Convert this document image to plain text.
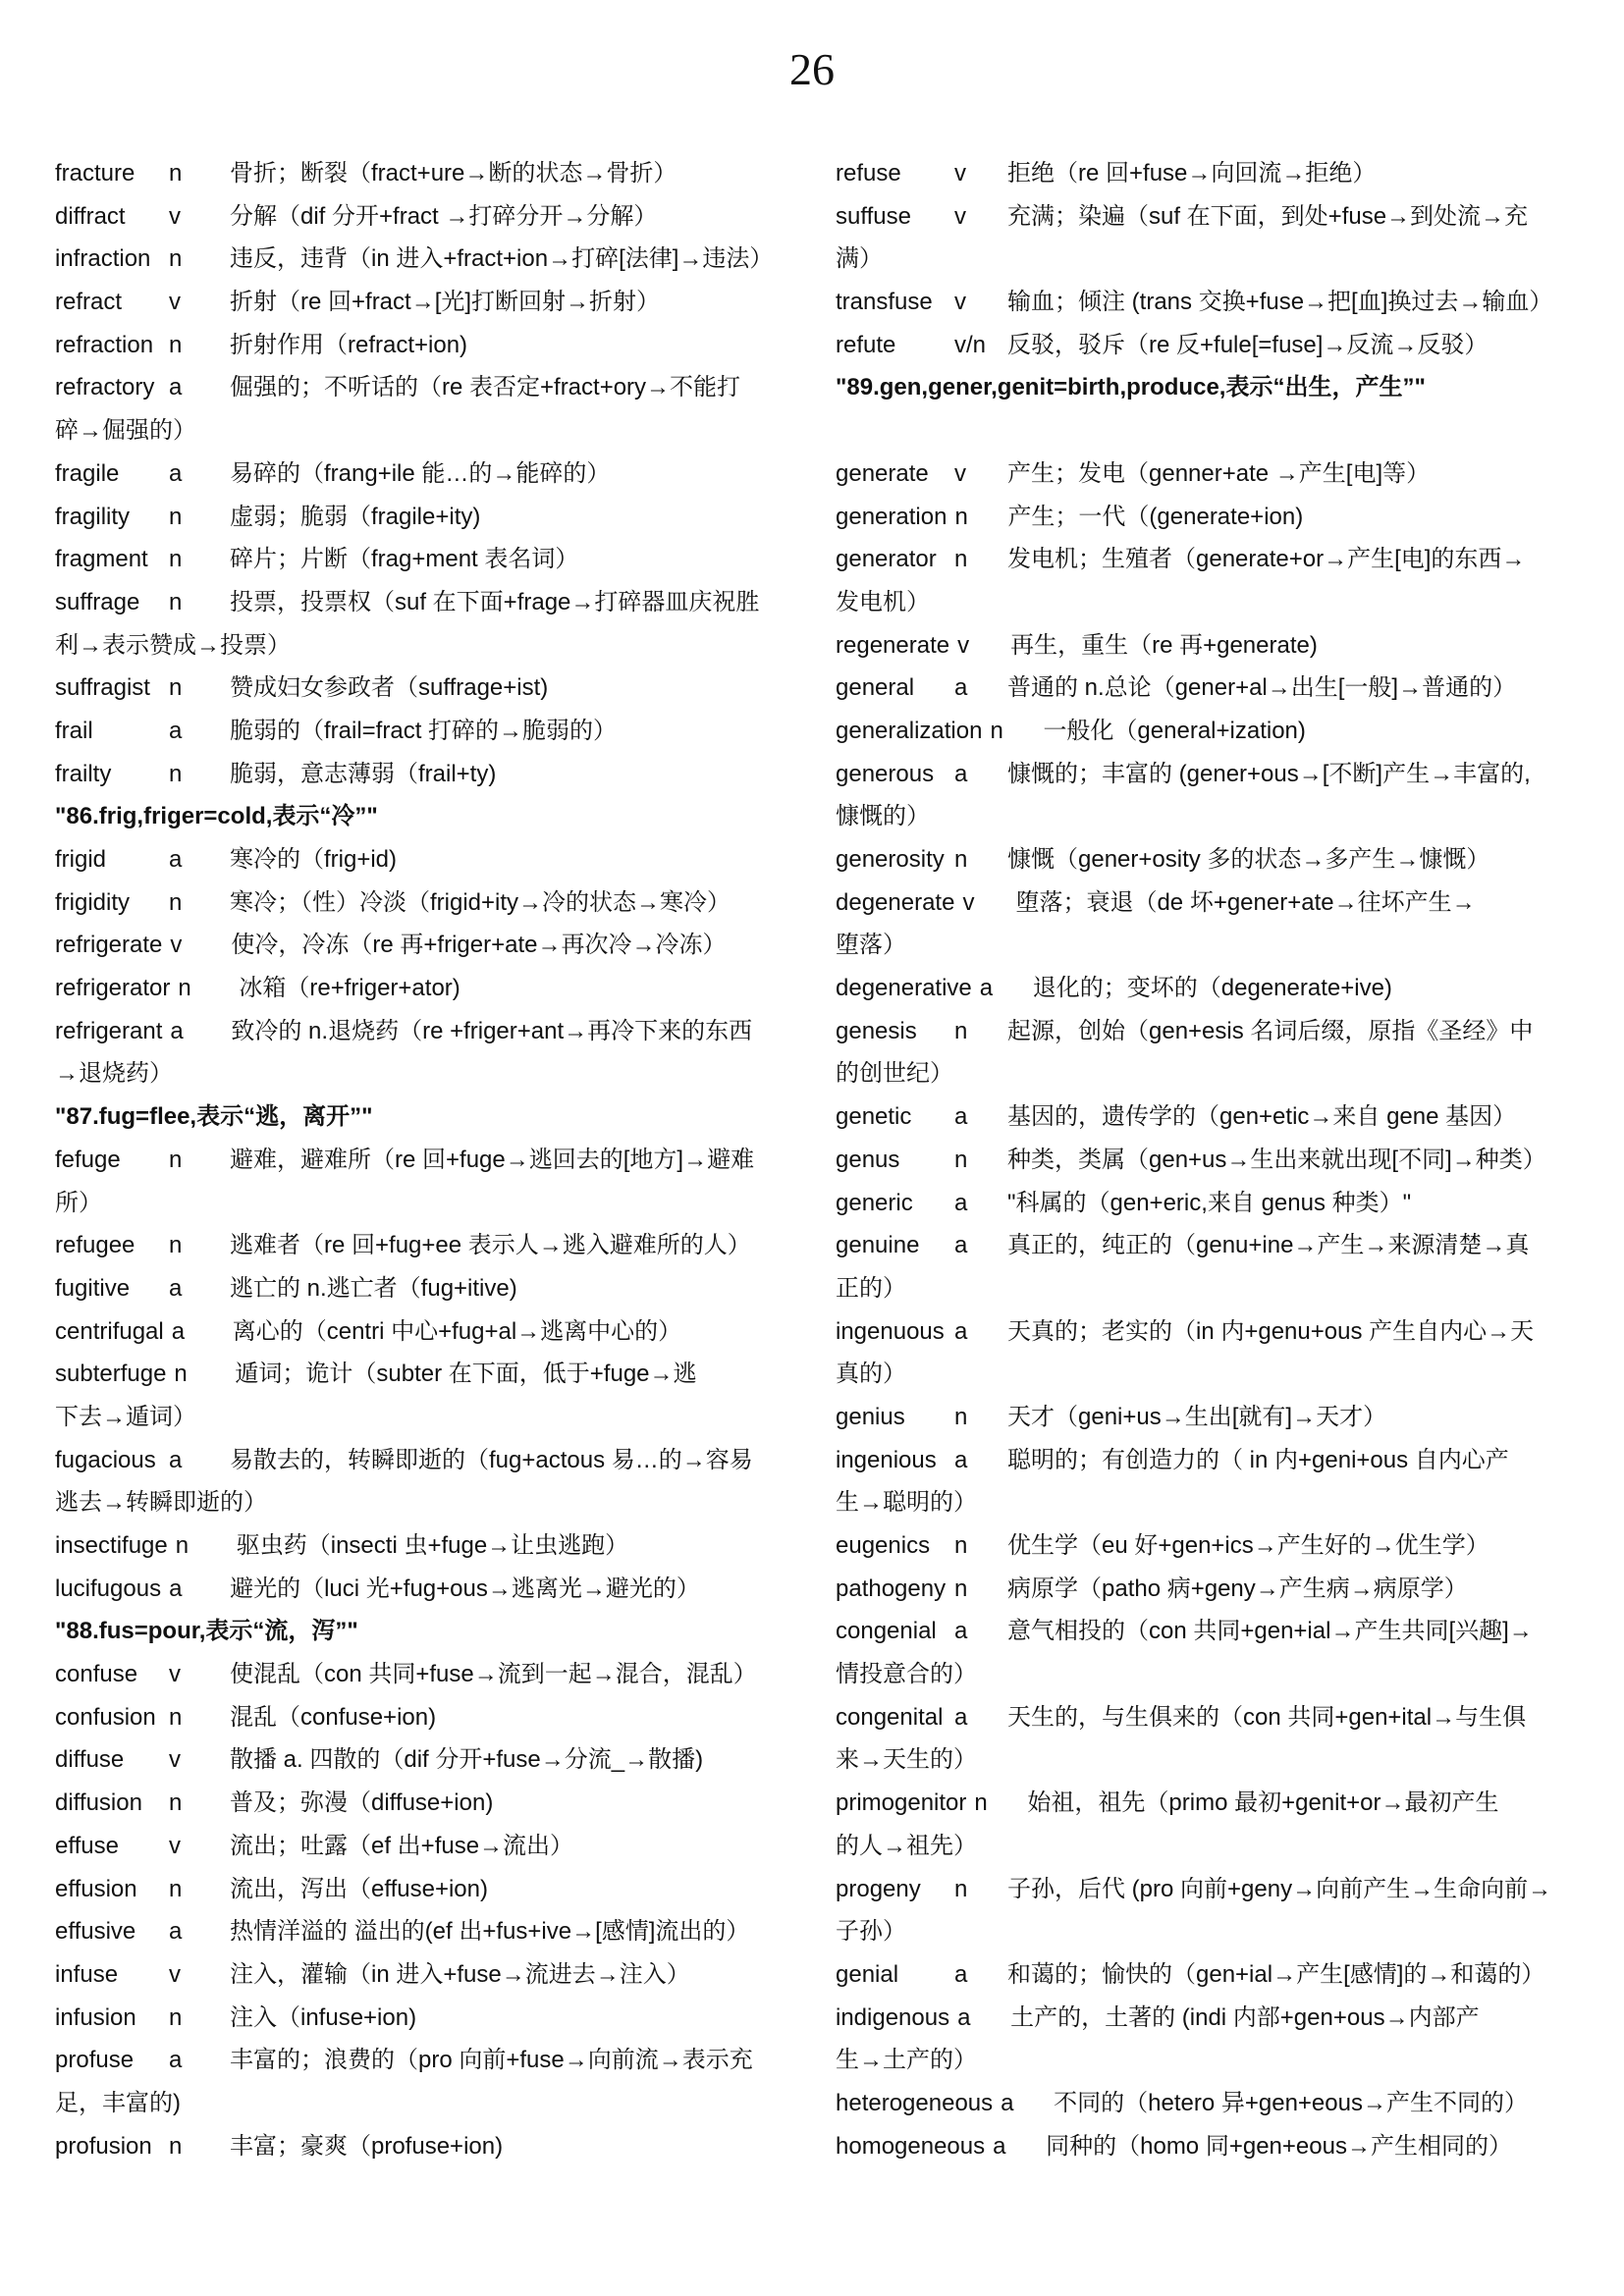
26
fracture n 骨折；断裂（fract+ure→断的状态→骨折）
diffract v 分解（dif 分开+fract →打碎分开→分解）
infraction n 违反，违背（in 进入+fract+ion→打碎[法律]→违法）
refract v 折射（re 回+fract→[光]打断回射→折射）
refraction n 折射作用（refract+ion)
refractory a 倔强的；不听话的（re 表否定+fract+ory→不能打
碎→倔强的）
fragile a 易碎的（frang+ile 能…的→能碎的）
fragility n 虚弱；脆弱（fragile+ity)
fragment n 碎片；片断（frag+ment 表名词）
suffrage n 投票，投票权（suf 在下面+frage→打碎器皿庆祝胜
利→表示赞成→投票）
suffragist n 赞成妇女参政者（suffrage+ist)
frail	a 脆弱的（frail=fract 打碎的→脆弱的）
frailty n 脆弱，意志薄弱（frail+ty)
"86.frig,friger=cold,表示“冷”"
frigid	a 寒冷的（frig+id)
frigidity n 寒冷；（性）冷淡（frigid+ity→冷的状态→寒冷）
refrigerate v 使冷，冷冻（re 再+friger+ate→再次冷→冷冻）
refrigerator n 冰箱（re+friger+ator)
refrigerant a 致冷的 n.退烧药（re +friger+ant→再冷下来的东西
→退烧药）
"87.fug=flee,表示“逃，离开”"
fefuge n 避难，避难所（re 回+fuge→逃回去的[地方]→避难
所）
refugee n 逃难者（re 回+fug+ee 表示人→逃入避难所的人）
fugitive a 逃亡的 n.逃亡者（fug+itive)
centrifugal a 离心的（centri 中心+fug+al→逃离中心的）
subterfuge n 遁词；诡计（subter 在下面，低于+fuge→逃
下去→遁词）
fugacious a 易散去的，转瞬即逝的（fug+actous 易…的→容易
逃去→转瞬即逝的）
insectifuge n 驱虫药（insecti 虫+fuge→让虫逃跑）
lucifugous a 避光的（luci 光+fug+ous→逃离光→避光的）
"88.fus=pour,表示“流，泻”"
confuse v 使混乱（con 共同+fuse→流到一起→混合，混乱）
confusion n 混乱（confuse+ion)
diffuse v 散播 a. 四散的（dif 分开+fuse→分流_→散播)
diffusion n 普及；弥漫（diffuse+ion)
effuse v 流出；吐露（ef 出+fuse→流出）
effusion n 流出，泻出（effuse+ion)
effusive a 热情洋溢的 溢出的(ef 出+fus+ive→[感情]流出的）
infuse v 注入，灌输（in 进入+fuse→流进去→注入）
infusion n 注入（infuse+ion)
profuse a 丰富的；浪费的（pro 向前+fuse→向前流→表示充
足，丰富的)
profusion n 丰富；豪爽（profuse+ion)
refuse v 拒绝（re 回+fuse→向回流→拒绝）
suffuse v 充满；染遍（suf 在下面，到处+fuse→到处流→充
满）
transfuse v 输血；倾注 (trans 交换+fuse→把[血]换过去→输血）
refute v/n 反驳，驳斥（re 反+fule[=fuse]→反流→反驳）
"89.gen,gener,genit=birth,produce,表示“出生，产生”"
generate v 产生；发电（genner+ate →产生[电]等）
generation n 产生；一代（(generate+ion)
generator n 发电机；生殖者（generate+or→产生[电]的东西→
发电机）
regenerate v 再生，重生（re 再+generate)
general a 普通的 n.总论（gener+al→出生[一般]→普通的）
generalization n 一般化（general+ization)
generous a 慷慨的；丰富的 (gener+ous→[不断]产生→丰富的,
慷慨的）
generosity n 慷慨（gener+osity 多的状态→多产生→慷慨）
degenerate v 堕落；衰退（de 坏+gener+ate→往坏产生→
堕落）
degenerative a 退化的；变坏的（degenerate+ive)
genesis n 起源，创始（gen+esis 名词后缀，原指《圣经》中
的创世纪）
genetic a 基因的，遗传学的（gen+etic→来自 gene 基因）
genus n 种类，类属（gen+us→生出来就出现[不同]→种类）
generic a "科属的（gen+eric,来自 genus 种类）"
genuine a 真正的，纯正的（genu+ine→产生→来源清楚→真
正的）
ingenuous a 天真的；老实的（in 内+genu+ous 产生自内心→天
真的）
genius n 天才（geni+us→生出[就有]→天才）
ingenious a 聪明的；有创造力的（ in 内+geni+ous 自内心产
生→聪明的）
eugenics n 优生学（eu 好+gen+ics→产生好的→优生学）
pathogeny n 病原学（patho 病+geny→产生病→病原学）
congenial a 意气相投的（con 共同+gen+ial→产生共同[兴趣]→
情投意合的）
congenital a 天生的，与生俱来的（con 共同+gen+ital→与生俱
来→天生的）
primogenitor n 始祖，祖先（primo 最初+genit+or→最初产生
的人→祖先）
progeny n 子孙，后代 (pro 向前+geny→向前产生→生命向前→
子孙）
genial a 和蔼的；愉快的（gen+ial→产生[感情]的→和蔼的）
indigenous a 土产的，土著的 (indi 内部+gen+ous→内部产
生→土产的）
heterogeneous a 不同的（hetero 异+gen+eous→产生不同的）
homogeneous a 同种的（homo 同+gen+eous→产生相同的）
